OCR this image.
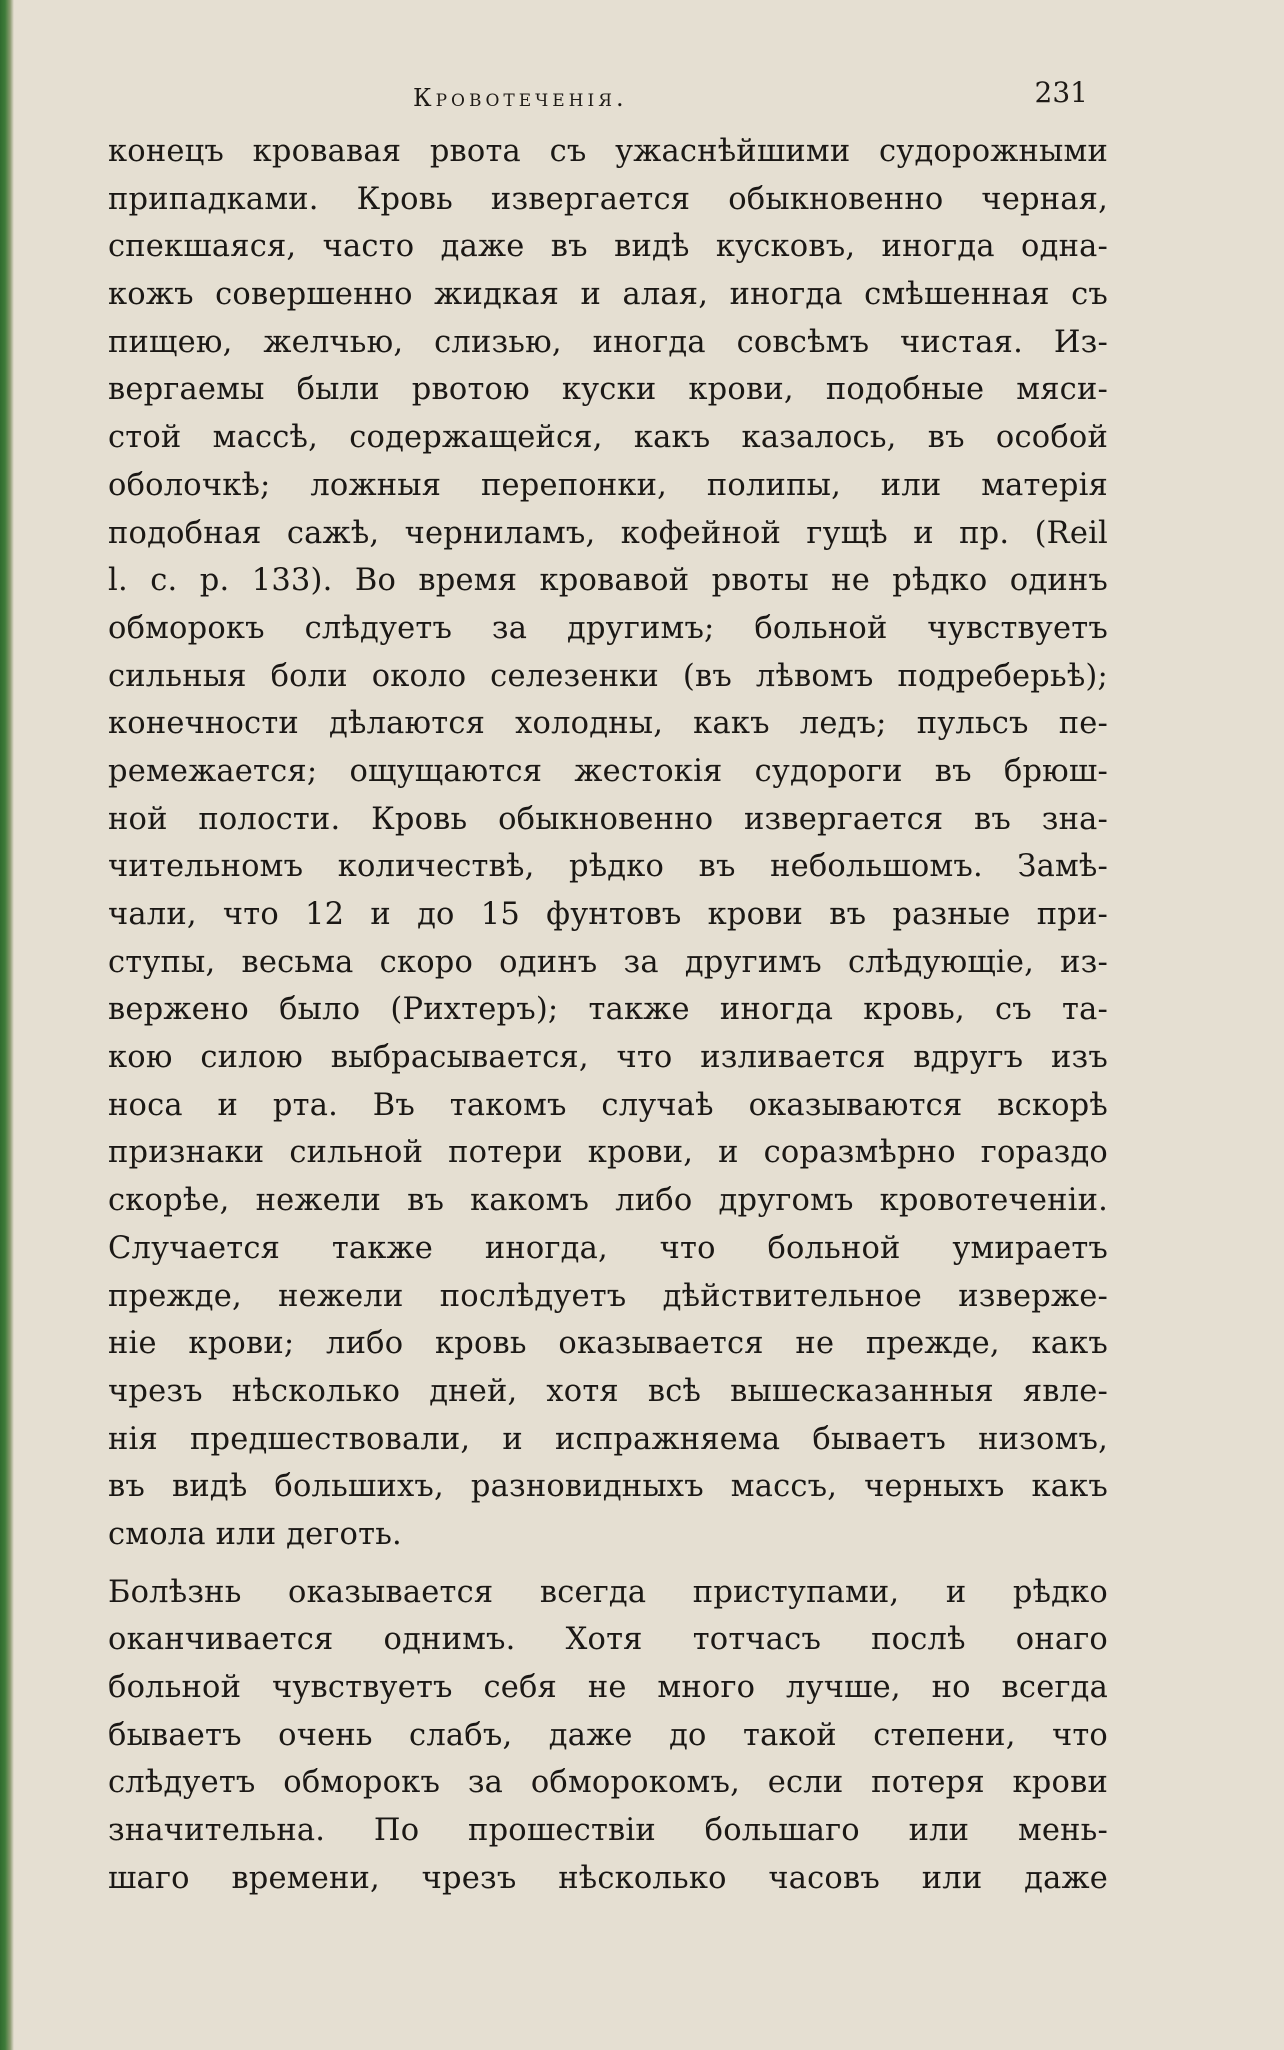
Кровотеченія.	231
конецъ кровавая рвота съ ужаснѣйшими судорожными
припадками. Кровь извергается обыкновенно черная,
спекшаяся, часто даже въ видѣ кусковъ, иногда одна-
кожъ совершенно жидкая и алая, иногда смѣшенная съ
пищею, желчью, слизью, иногда совсѣмъ чистая. Из-
вергаемы были рвотою куски крови, подобные мяси-
стой массѣ, содержащейся, какъ казалось, въ особой
оболочкѣ; ложныя перепонки, полипы, или матерія
подобная сажѣ, черниламъ, кофейной гущѣ и пр. (Reil
l. c. p. 133). Во время кровавой рвоты не рѣдко одинъ
обморокъ слѣдуетъ за другимъ; больной чувствуетъ
сильныя боли около селезенки (въ лѣвомъ подреберьѣ);
конечности дѣлаются холодны, какъ ледъ; пульсъ пе-
ремежается; ощущаются жестокія судороги въ брюш-
ной полости. Кровь обыкновенно извергается въ зна-
чительномъ количествѣ, рѣдко въ небольшомъ. Замѣ-
чали, что 12 и до 15 фунтовъ крови въ разные при-
ступы, весьма скоро одинъ за другимъ слѣдующіе, из-
вержено было (Рихтеръ); также иногда кровь, съ та-
кою силою выбрасывается, что изливается вдругъ изъ
носа и рта. Въ такомъ случаѣ оказываются вскорѣ
признаки сильной потери крови, и соразмѣрно гораздо
скорѣе, нежели въ какомъ либо другомъ кровотеченіи.
Случается также иногда, что больной умираетъ
прежде, нежели послѣдуетъ дѣйствительное изверже-
ніе крови; либо кровь оказывается не прежде, какъ
чрезъ нѣсколько дней, хотя всѣ вышесказанныя явле-
нія предшествовали, и испражняема бываетъ низомъ,
въ видѣ большихъ, разновидныхъ массъ, черныхъ какъ
смола или деготь.
Болѣзнь оказывается всегда приступами, и рѣдко
оканчивается однимъ. Хотя тотчасъ послѣ онаго
больной чувствуетъ себя не много лучше, но всегда
бываетъ очень слабъ, даже до такой степени, что
слѣдуетъ обморокъ за обморокомъ, если потеря крови
значительна. По прошествіи большаго или мень-
шаго времени, чрезъ нѣсколько часовъ или даже
